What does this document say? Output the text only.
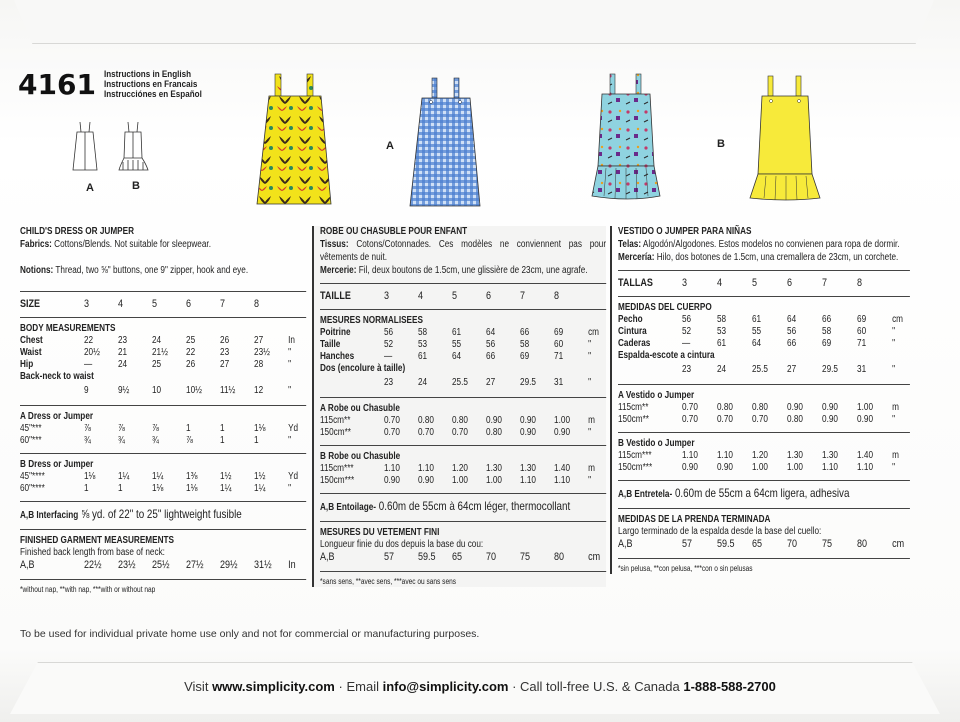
4161 Instructions in English
Instructions en Francais
Instrucciónes en Español
A	B
A	B
CHILD'S DRESS OR JUMPER
Fabrics: Cottons/Blends. Not suitable for sleepwear.
Notions: Thread, two ⅝" buttons, one 9" zipper, hook and eye.
SIZE	3	4	5	6	7	8
BODY MEASUREMENTS
Chest	22	23	24	25	26	27	In
Waist	20½	21	21½	22	23	23½	"
Hip	—	24	25	26	27	28	"
Back-neck to waist
9	9½	10	10½	11½	12	"
A Dress or Jumper
45"***	⅞	⅞	⅞	1	1	1⅛	Yd
60"***	¾	¾	¾	⅞	1	1	"
B Dress or Jumper
45"****	1⅛	1¼	1¼	1⅜	1½	1½	Yd
60"****	1	1	1⅛	1⅛	1¼	1¼	"
A,B Interfacing ⅝ yd. of 22" to 25" lightweight fusible
FINISHED GARMENT MEASUREMENTS
Finished back length from base of neck:
A,B	22½	23½	25½	27½	29½	31½	In
*without nap, **with nap, ***with or without nap
ROBE OU CHASUBLE POUR ENFANT
Tissus: Cotons/Cotonnades. Ces modèles ne conviennent pas pour vêtements de nuit.
Mercerie: Fil, deux boutons de 1.5cm, une glissière de 23cm, une agrafe.
TAILLE	3	4	5	6	7	8
MESURES NORMALISEES
Poitrine	56	58	61	64	66	69	cm
Taille	52	53	55	56	58	60	"
Hanches	—	61	64	66	69	71	"
Dos (encolure à taille)
23	24	25.5	27	29.5	31	"
A Robe ou Chasuble
115cm**	0.70	0.80	0.80	0.90	0.90	1.00	m
150cm**	0.70	0.70	0.70	0.80	0.90	0.90	"
B Robe ou Chasuble
115cm***	1.10	1.10	1.20	1.30	1.30	1.40	m
150cm***	0.90	0.90	1.00	1.00	1.10	1.10	"
A,B Entoilage- 0.60m de 55cm à 64cm léger, thermocollant
MESURES DU VETEMENT FINI
Longueur finie du dos depuis la base du cou:
A,B	57	59.5	65	70	75	80	cm
*sans sens, **avec sens, ***avec ou sans sens
VESTIDO O JUMPER PARA NIÑAS
Telas: Algodón/Algodones. Estos modelos no convienen para ropa de dormir.
Mercería: Hilo, dos botones de 1.5cm, una cremallera de 23cm, un corchete.
TALLAS	3	4	5	6	7	8
MEDIDAS DEL CUERPO
Pecho	56	58	61	64	66	69	cm
Cintura	52	53	55	56	58	60	"
Caderas	—	61	64	66	69	71	"
Espalda-escote a cintura
23	24	25.5	27	29.5	31	"
A Vestido o Jumper
115cm**	0.70	0.80	0.80	0.90	0.90	1.00	m
150cm**	0.70	0.70	0.70	0.80	0.90	0.90	"
B Vestido o Jumper
115cm***	1.10	1.10	1.20	1.30	1.30	1.40	m
150cm***	0.90	0.90	1.00	1.00	1.10	1.10	"
A,B Entretela- 0.60m de 55cm a 64cm ligera, adhesiva
MEDIDAS DE LA PRENDA TERMINADA
Largo terminado de la espalda desde la base del cuello:
A,B	57	59.5	65	70	75	80	cm
*sin pelusa, **con pelusa, ***con o sin pelusas
To be used for individual private home use only and not for commercial or manufacturing purposes.
Visit www.simplicity.com · Email info@simplicity.com · Call toll-free U.S. & Canada 1-888-588-2700
